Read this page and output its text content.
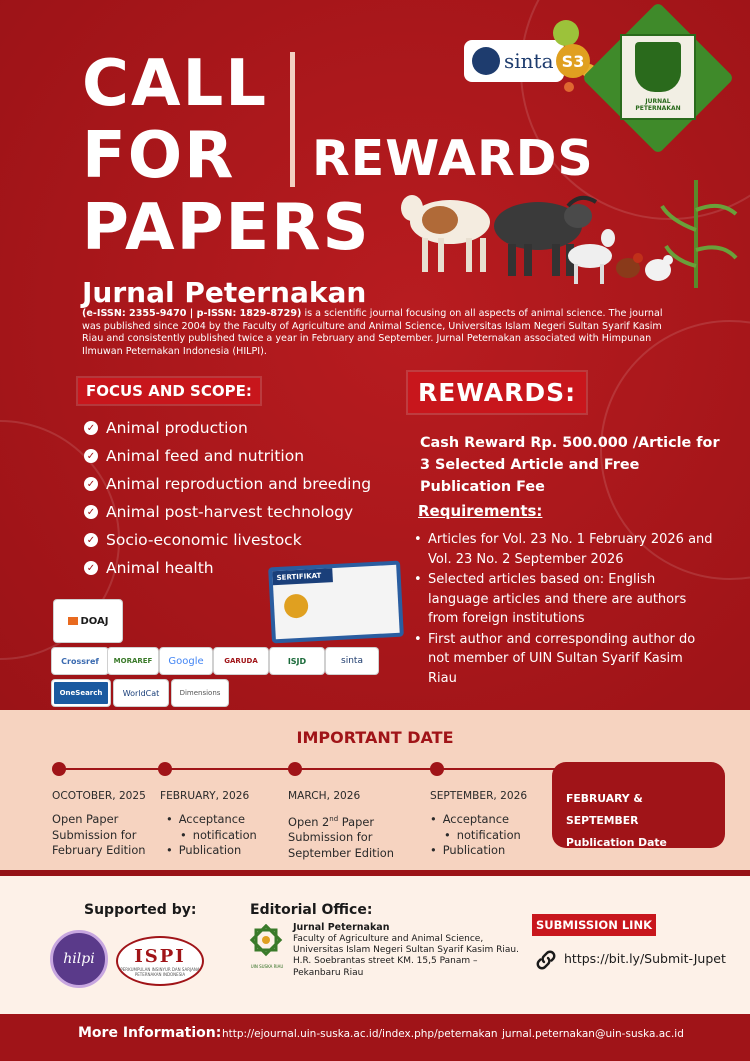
CALL
FOR
PAPERS
REWARDS
sinta S3
JURNAL PETERNAKAN
Jurnal Peternakan
(e-ISSN: 2355-9470 | p-ISSN: 1829-8729) is a scientific journal focusing on all aspects of animal science. The journal was published since 2004 by the Faculty of Agriculture and Animal Science, Universitas Islam Negeri Sultan Syarif Kasim Riau and consistently published twice a year in February and September. Jurnal Peternakan associated with Himpunan Ilmuwan Peternakan Indonesia (HILPI).
FOCUS AND SCOPE:
✓ Animal production
✓ Animal feed and nutrition
✓ Animal reproduction and breeding
✓ Animal post-harvest technology
✓ Socio-economic livestock
✓ Animal health
REWARDS:
Cash Reward Rp. 500.000 /Article for 3 Selected Article and Free Publication Fee
Requirements:
• Articles for Vol. 23 No. 1 February 2026 and Vol. 23 No. 2 September 2026
• Selected articles based on: English language articles and there are authors from foreign institutions
• First author and corresponding author do not member of UIN Sultan Syarif Kasim Riau
DOAJ
Crossref	MORAREF	Google	GARUDA	ISJD	sinta
OneSearch	WorldCat	Dimensions
SERTIFIKAT
IMPORTANT DATE
OCOTOBER, 2025
Open Paper
Submission for
February Edition
FEBRUARY, 2026
• Acceptance
• notification
• Publication
MARCH, 2026
Open 2nd Paper
Submission for
September Edition
SEPTEMBER, 2026
• Acceptance
• notification
• Publication
FEBRUARY & SEPTEMBER
Publication Date
Supported by:
hilpi ISPI
PERKUMPULAN INSINYUR DAN SARJANA PETERNAKAN INDONESIA
Editorial Office:
UIN SUSKA RIAU
Jurnal Peternakan
Faculty of Agriculture and Animal Science, Universitas Islam Negeri Sultan Syarif Kasim Riau. H.R. Soebrantas street KM. 15,5 Panam – Pekanbaru Riau
SUBMISSION LINK
https://bit.ly/Submit-Jupet
More Information: http://ejournal.uin-suska.ac.id/index.php/peternakan jurnal.peternakan@uin-suska.ac.id
